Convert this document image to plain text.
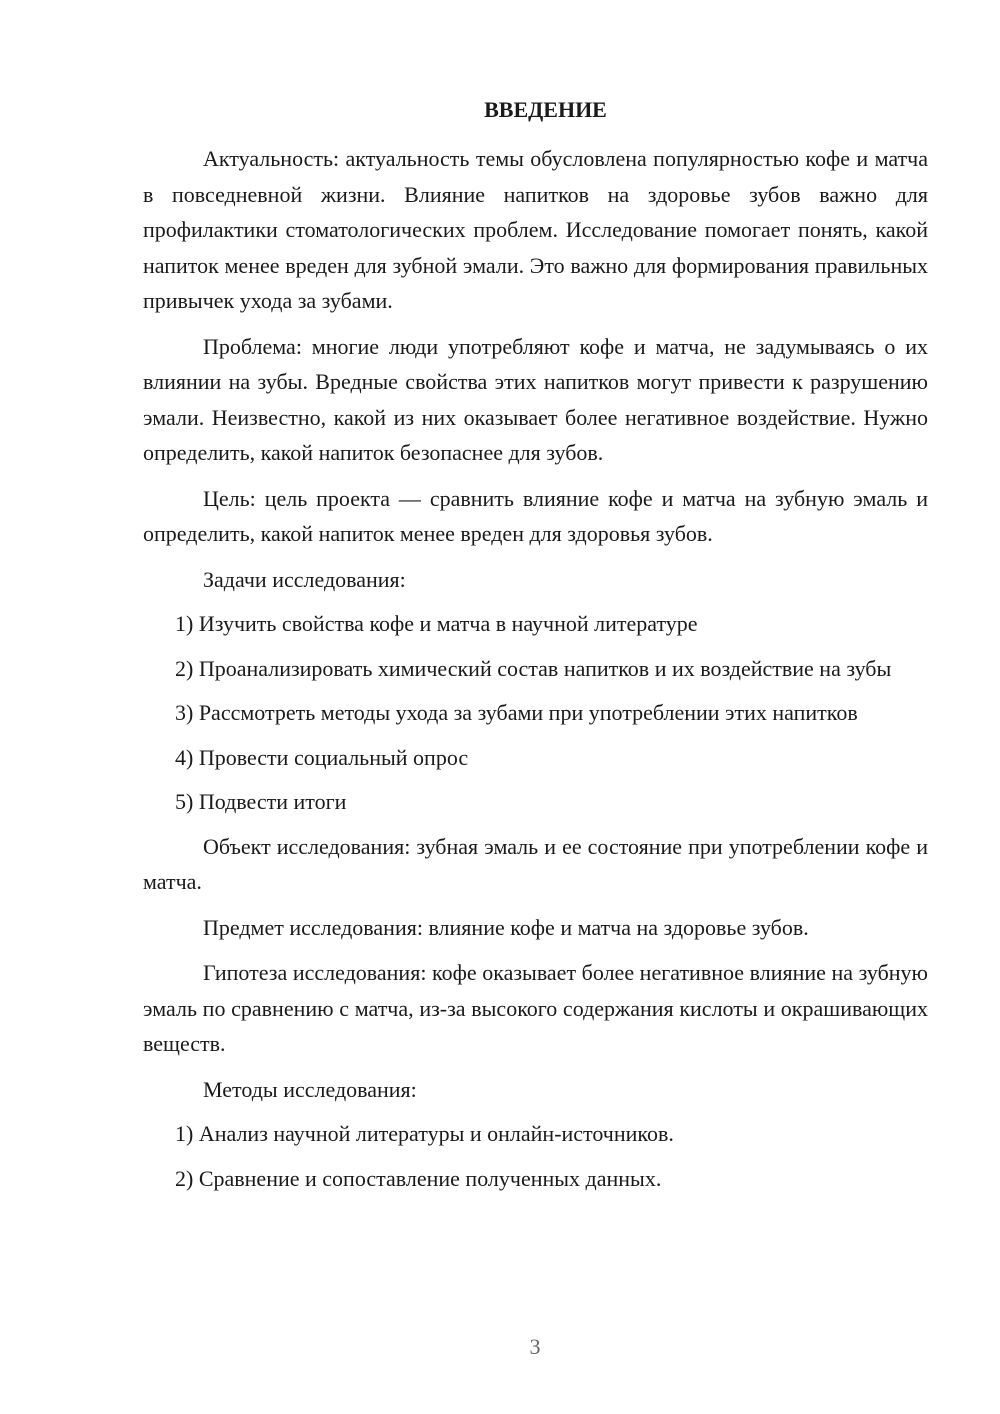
ВВЕДЕНИЕ

Актуальность: актуальность темы обусловлена популярностью кофе и матча в повседневной жизни. Влияние напитков на здоровье зубов важно для профилактики стоматологических проблем. Исследование помогает понять, какой напиток менее вреден для зубной эмали. Это важно для формирования правильных привычек ухода за зубами.

Проблема: многие люди употребляют кофе и матча, не задумываясь о их влиянии на зубы. Вредные свойства этих напитков могут привести к разрушению эмали. Неизвестно, какой из них оказывает более негативное воздействие. Нужно определить, какой напиток безопаснее для зубов.

Цель: цель проекта — сравнить влияние кофе и матча на зубную эмаль и определить, какой напиток менее вреден для здоровья зубов.

Задачи исследования:

1) Изучить свойства кофе и матча в научной литературе

2) Проанализировать химический состав напитков и их воздействие на зубы

3) Рассмотреть методы ухода за зубами при употреблении этих напитков

4) Провести социальный опрос

5) Подвести итоги

Объект исследования: зубная эмаль и ее состояние при употреблении кофе и матча.

Предмет исследования: влияние кофе и матча на здоровье зубов.

Гипотеза исследования: кофе оказывает более негативное влияние на зубную эмаль по сравнению с матча, из-за высокого содержания кислоты и окрашивающих веществ.

Методы исследования:

1) Анализ научной литературы и онлайн-источников.

2) Сравнение и сопоставление полученных данных.

3
